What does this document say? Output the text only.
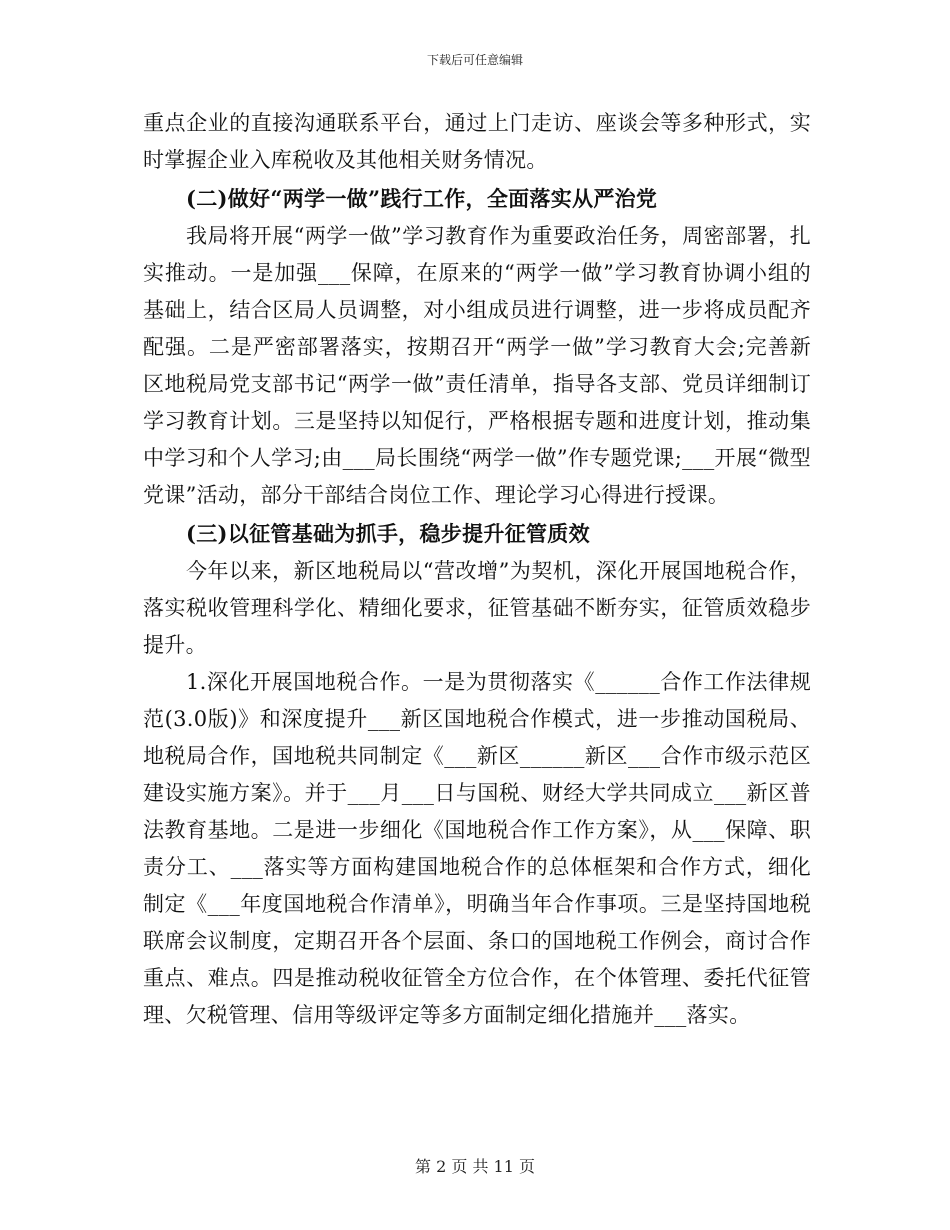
下载后可任意编辑

重点企业的直接沟通联系平台，通过上门走访、座谈会等多种形式，实时掌握企业入库税收及其他相关财务情况。

(二)做好“两学一做”践行工作，全面落实从严治党

我局将开展“两学一做”学习教育作为重要政治任务，周密部署，扎实推动。一是加强___保障，在原来的“两学一做”学习教育协调小组的基础上，结合区局人员调整，对小组成员进行调整，进一步将成员配齐配强。二是严密部署落实，按期召开“两学一做”学习教育大会;完善新区地税局党支部书记“两学一做”责任清单，指导各支部、党员详细制订学习教育计划。三是坚持以知促行，严格根据专题和进度计划，推动集中学习和个人学习;由___局长围绕“两学一做”作专题党课;___开展“微型党课”活动，部分干部结合岗位工作、理论学习心得进行授课。

(三)以征管基础为抓手，稳步提升征管质效

今年以来，新区地税局以“营改增”为契机，深化开展国地税合作，落实税收管理科学化、精细化要求，征管基础不断夯实，征管质效稳步提升。

1.深化开展国地税合作。一是为贯彻落实《______合作工作法律规范(3.0版)》和深度提升___新区国地税合作模式，进一步推动国税局、地税局合作，国地税共同制定《___新区______新区___合作市级示范区建设实施方案》。并于___月___日与国税、财经大学共同成立___新区普法教育基地。二是进一步细化《国地税合作工作方案》，从___保障、职责分工、___落实等方面构建国地税合作的总体框架和合作方式，细化制定《___年度国地税合作清单》，明确当年合作事项。三是坚持国地税联席会议制度，定期召开各个层面、条口的国地税工作例会，商讨合作重点、难点。四是推动税收征管全方位合作，在个体管理、委托代征管理、欠税管理、信用等级评定等多方面制定细化措施并___落实。

第 2 页 共 11 页
